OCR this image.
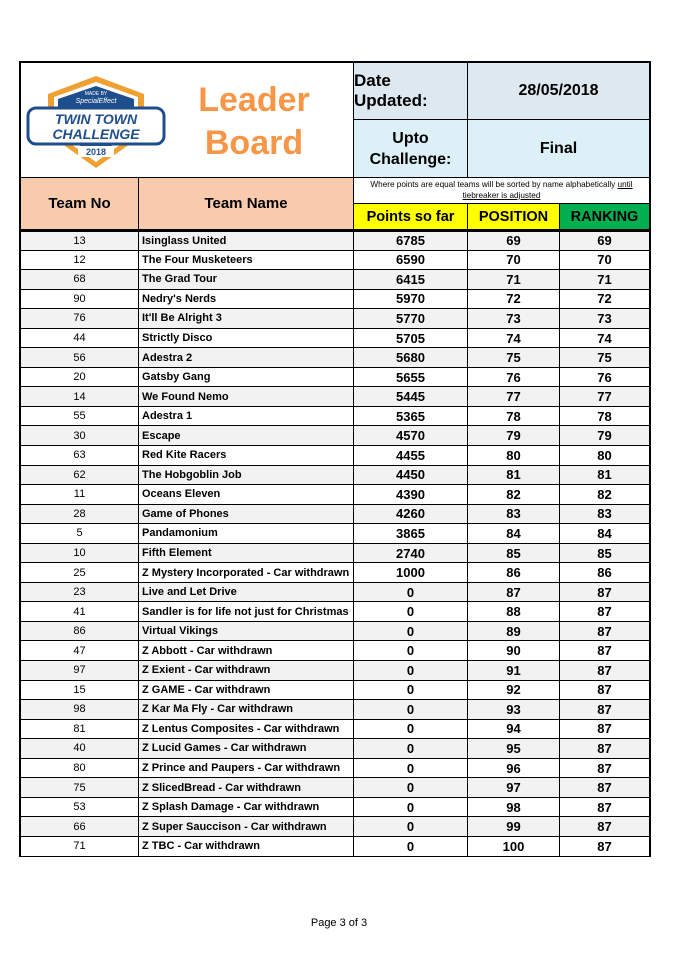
MADE BY
SpecialEffect
TWIN TOWN
CHALLENGE
2018
Leader
Board
Date Updated:
28/05/2018
Upto
Challenge:
Final
Team No	Team Name
Where points are equal teams will be sorted by name alphabetically until tiebreaker is adjusted
Points so far	POSITION	RANKING
13	Isinglass United	6785	69	69
12	The Four Musketeers	6590	70	70
68	The Grad Tour	6415	71	71
90	Nedry's Nerds	5970	72	72
76	It'll Be Alright 3	5770	73	73
44	Strictly Disco	5705	74	74
56	Adestra 2	5680	75	75
20	Gatsby Gang	5655	76	76
14	We Found Nemo	5445	77	77
55	Adestra 1	5365	78	78
30	Escape	4570	79	79
63	Red Kite Racers	4455	80	80
62	The Hobgoblin Job	4450	81	81
11	Oceans Eleven	4390	82	82
28	Game of Phones	4260	83	83
5	Pandamonium	3865	84	84
10	Fifth Element	2740	85	85
25	Z Mystery Incorporated - Car withdrawn	1000	86	86
23	Live and Let Drive	0	87	87
41	Sandler is for life not just for Christmas	0	88	87
86	Virtual Vikings	0	89	87
47	Z Abbott - Car withdrawn	0	90	87
97	Z Exient - Car withdrawn	0	91	87
15	Z GAME - Car withdrawn	0	92	87
98	Z Kar Ma Fly - Car withdrawn	0	93	87
81	Z Lentus Composites - Car withdrawn	0	94	87
40	Z Lucid Games - Car withdrawn	0	95	87
80	Z Prince and Paupers - Car withdrawn	0	96	87
75	Z SlicedBread - Car withdrawn	0	97	87
53	Z Splash Damage - Car withdrawn	0	98	87
66	Z Super Sauccison - Car withdrawn	0	99	87
71	Z TBC - Car withdrawn	0	100	87
Page 3 of 3
